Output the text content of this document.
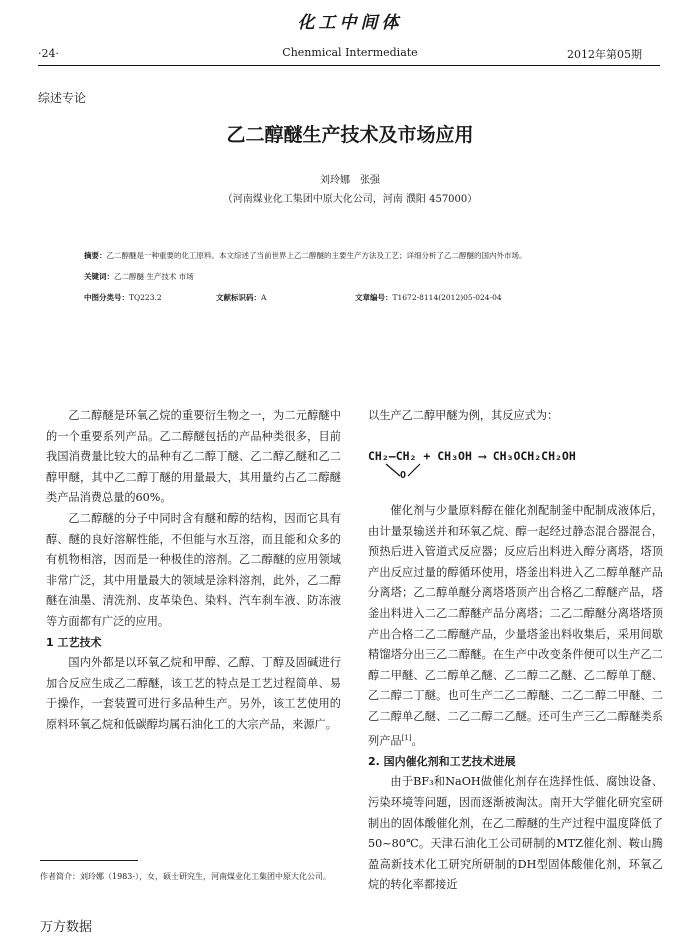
化工中间体
·24·	Chenmical Intermediate	2012年第05期
综述专论
乙二醇醚生产技术及市场应用
刘玲娜　张强
（河南煤业化工集团中原大化公司，河南 濮阳 457000）
摘要：乙二醇醚是一种重要的化工原料。本文综述了当前世界上乙二醇醚的主要生产方法及工艺；详细分析了乙二醇醚的国内外市场。
关键词：乙二醇醚 生产技术 市场
中图分类号：TQ223.2	文献标识码：A	文章编号：T1672-8114(2012)05-024-04

乙二醇醚是环氧乙烷的重要衍生物之一，为二元醇醚中的一个重要系列产品。乙二醇醚包括的产品种类很多，目前我国消费量比较大的品种有乙二醇丁醚、乙二醇乙醚和乙二醇甲醚，其中乙二醇丁醚的用量最大，其用量约占乙二醇醚类产品消费总量的60%。

乙二醇醚的分子中同时含有醚和醇的结构，因而它具有醇、醚的良好溶解性能，不但能与水互溶，而且能和众多的有机物相溶，因而是一种极佳的溶剂。乙二醇醚的应用领域非常广泛，其中用量最大的领域是涂料溶剂，此外，乙二醇醚在油墨、清洗剂、皮革染色、染料、汽车刹车液、防冻液等方面都有广泛的应用。

1 工艺技术

国内外都是以环氧乙烷和甲醇、乙醇、丁醇及固碱进行加合反应生成乙二醇醚，该工艺的特点是工艺过程简单、易于操作，一套装置可进行多品种生产。另外，该工艺使用的原料环氧乙烷和低碳醇均属石油化工的大宗产品，来源广。

以生产乙二醇甲醚为例，其反应式为：

CH₂—CH₂ + CH₃OH ⟶ CH₃OCH₂CH₂OH
O

催化剂与少量原料醇在催化剂配制釜中配制成液体后，由计量泵输送并和环氧乙烷、醇一起经过静态混合器混合，预热后进入管道式反应器；反应后出料进入醇分离塔，塔顶产出反应过量的醇循环使用，塔釜出料进入乙二醇单醚产品分离塔；乙二醇单醚分离塔塔顶产出合格乙二醇醚产品，塔釜出料进入二乙二醇醚产品分离塔；二乙二醇醚分离塔塔顶产出合格二乙二醇醚产品，少量塔釜出料收集后，采用间歇精馏塔分出三乙二醇醚。在生产中改变条件便可以生产乙二醇二甲醚、乙二醇单乙醚、乙二醇二乙醚、乙二醇单丁醚、乙二醇二丁醚。也可生产二乙二醇醚、二乙二醇二甲醚、二乙二醇单乙醚、二乙二醇二乙醚。还可生产三乙二醇醚类系列产品[1]。

2. 国内催化剂和工艺技术进展

由于BF₃和NaOH做催化剂存在选择性低、腐蚀设备、污染环境等问题，因而逐渐被淘汰。南开大学催化研究室研制出的固体酸催化剂，在乙二醇醚的生产过程中温度降低了50~80℃。天津石油化工公司研制的MTZ催化剂、鞍山腾盈高新技术化工研究所研制的DH型固体酸催化剂，环氧乙烷的转化率都接近

作者简介：刘玲娜（1983-），女，硕士研究生，河南煤业化工集团中原大化公司。
万方数据
